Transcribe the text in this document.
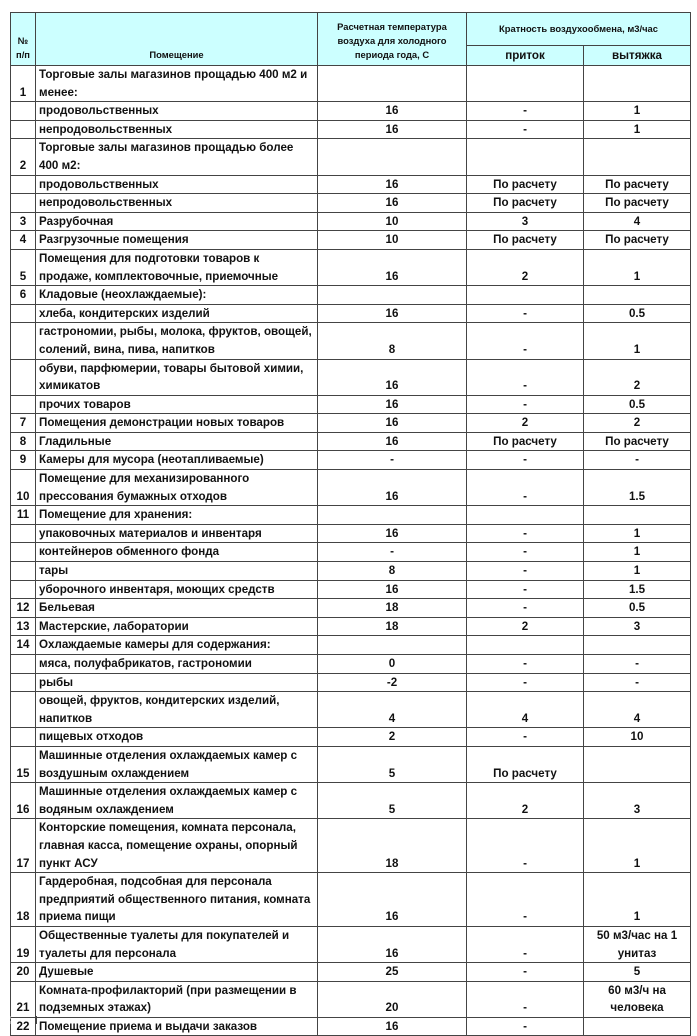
№ п/п	Помещение	Расчетная температура воздуха для холодного периода года, С	Кратность воздухообмена, м3/час	
			приток	вытяжка
1	Торговые залы магазинов прощадью 400 м2 и менее:			
	продовольственных	16	-	1
	непродовольственных	16	-	1
2	Торговые залы магазинов прощадью более 400 м2:			
	продовольственных	16	По расчету	По расчету
	непродовольственных	16	По расчету	По расчету
3	Разрубочная	10	3	4
4	Разгрузочные помещения	10	По расчету	По расчету
5	Помещения для подготовки товаров к продаже, комплектовочные, приемочные	16	2	1
6	Кладовые (неохлаждаемые):			
	хлеба, кондитерских изделий	16	-	0.5
	гастрономии, рыбы, молока, фруктов, овощей, солений, вина, пива, напитков	8	-	1
	обуви, парфюмерии, товары бытовой химии, химикатов	16	-	2
	прочих товаров	16	-	0.5
7	Помещения демонстрации новых товаров	16	2	2
8	Гладильные	16	По расчету	По расчету
9	Камеры для мусора (неотапливаемые)	-	-	-
10	Помещение для механизированного прессования бумажных отходов	16	-	1.5
11	Помещение для хранения:			
	упаковочных материалов и инвентаря	16	-	1
	контейнеров обменного фонда	-	-	1
	тары	8	-	1
	уборочного инвентаря, моющих средств	16	-	1.5
12	Бельевая	18	-	0.5
13	Мастерские, лаборатории	18	2	3
14	Охлаждаемые камеры для содержания:			
	мяса, полуфабрикатов, гастрономии	0	-	-
	рыбы	-2	-	-
	овощей, фруктов, кондитерских изделий, напитков	4	4	4
	пищевых отходов	2	-	10
15	Машинные отделения охлаждаемых камер с воздушным охлаждением	5	По расчету	
16	Машинные отделения охлаждаемых камер с водяным охлаждением	5	2	3
17	Конторские помещения, комната персонала, главная касса, помещение охраны, опорный пункт АСУ	18	-	1
18	Гардеробная, подсобная для персонала предприятий общественного питания, комната приема пищи	16	-	1
19	Общественные туалеты для покупателей и туалеты для персонала	16	-	50 м3/час на 1 унитаз
20	Душевые	25	-	5
21	Комната-профилакторий (при размещении в подземных этажах)	20	-	60 м3/ч на человека
22	Помещение приема и выдачи заказов	16	-	
